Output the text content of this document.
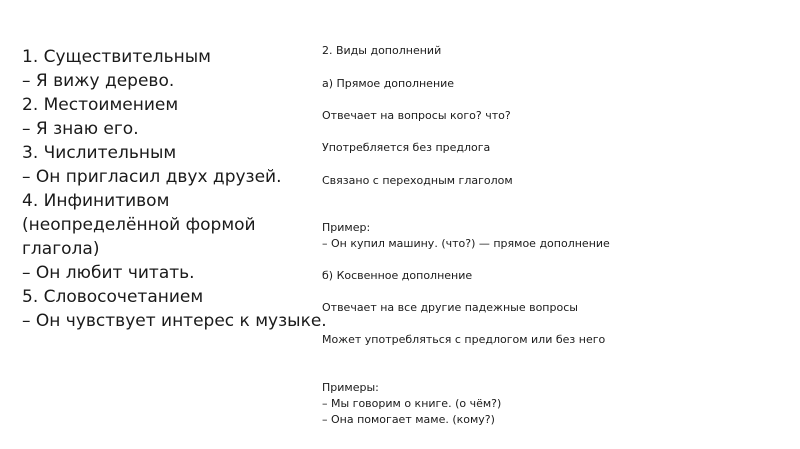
1. Существительным
– Я вижу дерево.
2. Местоимением
– Я знаю его.
3. Числительным
– Он пригласил двух друзей.
4. Инфинитивом
(неопределённой формой
глагола)
– Он любит читать.
5. Словосочетанием
– Он чувствует интерес к музыке.
2. Виды дополнений
а) Прямое дополнение
Отвечает на вопросы кого? что?
Употребляется без предлога
Связано с переходным глаголом
Пример:
– Он купил машину. (что?) — прямое дополнение
б) Косвенное дополнение
Отвечает на все другие падежные вопросы
Может употребляться с предлогом или без него
Примеры:
– Мы говорим о книге. (о чём?)
– Она помогает маме. (кому?)
